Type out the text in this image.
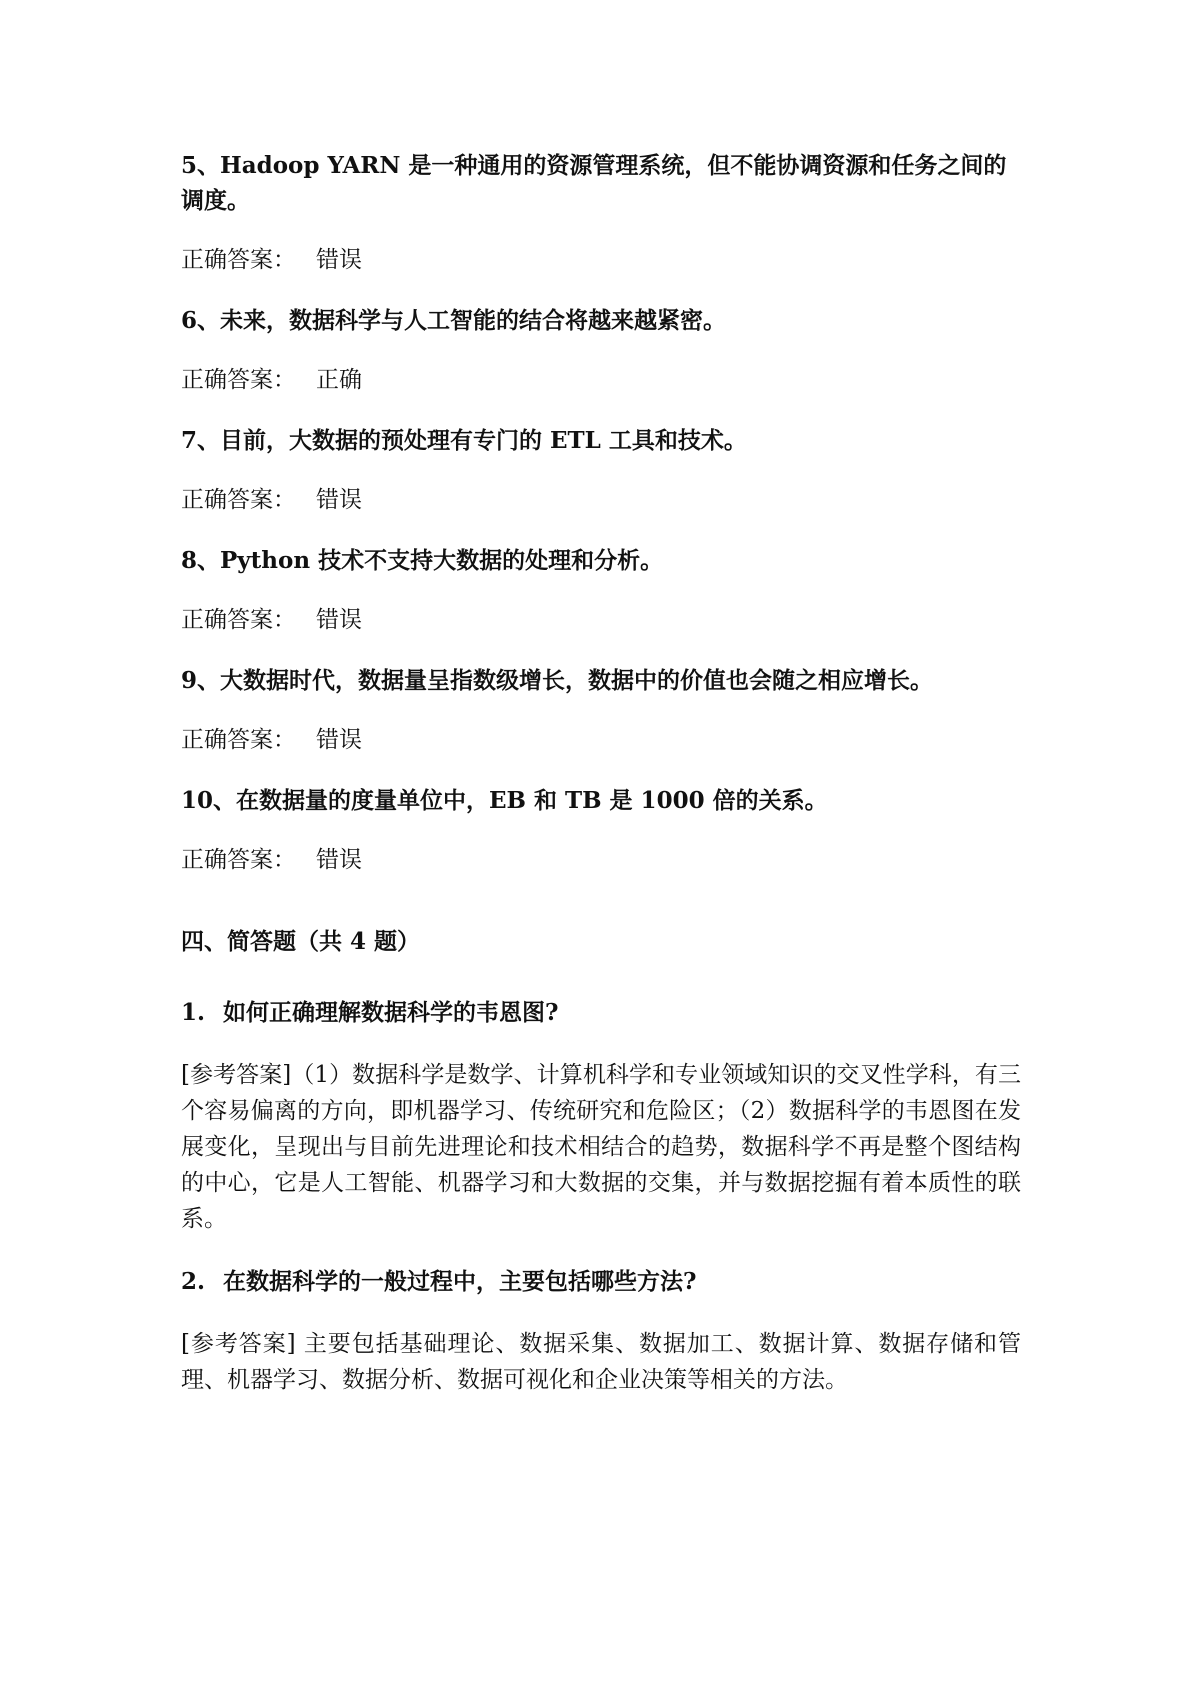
5、Hadoop YARN 是一种通用的资源管理系统，但不能协调资源和任务之间的调度。

正确答案： 错误

6、未来，数据科学与人工智能的结合将越来越紧密。

正确答案： 正确

7、目前，大数据的预处理有专门的 ETL 工具和技术。

正确答案： 错误

8、Python 技术不支持大数据的处理和分析。

正确答案： 错误

9、大数据时代，数据量呈指数级增长，数据中的价值也会随之相应增长。

正确答案： 错误

10、在数据量的度量单位中，EB 和 TB 是 1000 倍的关系。

正确答案： 错误

四、简答题（共 4 题）

1. 如何正确理解数据科学的韦恩图?

[参考答案]（1）数据科学是数学、计算机科学和专业领域知识的交叉性学科，有三个容易偏离的方向，即机器学习、传统研究和危险区；（2）数据科学的韦恩图在发展变化，呈现出与目前先进理论和技术相结合的趋势，数据科学不再是整个图结构的中心，它是人工智能、机器学习和大数据的交集，并与数据挖掘有着本质性的联系。

2. 在数据科学的一般过程中，主要包括哪些方法?

[参考答案] 主要包括基础理论、数据采集、数据加工、数据计算、数据存储和管理、机器学习、数据分析、数据可视化和企业决策等相关的方法。
